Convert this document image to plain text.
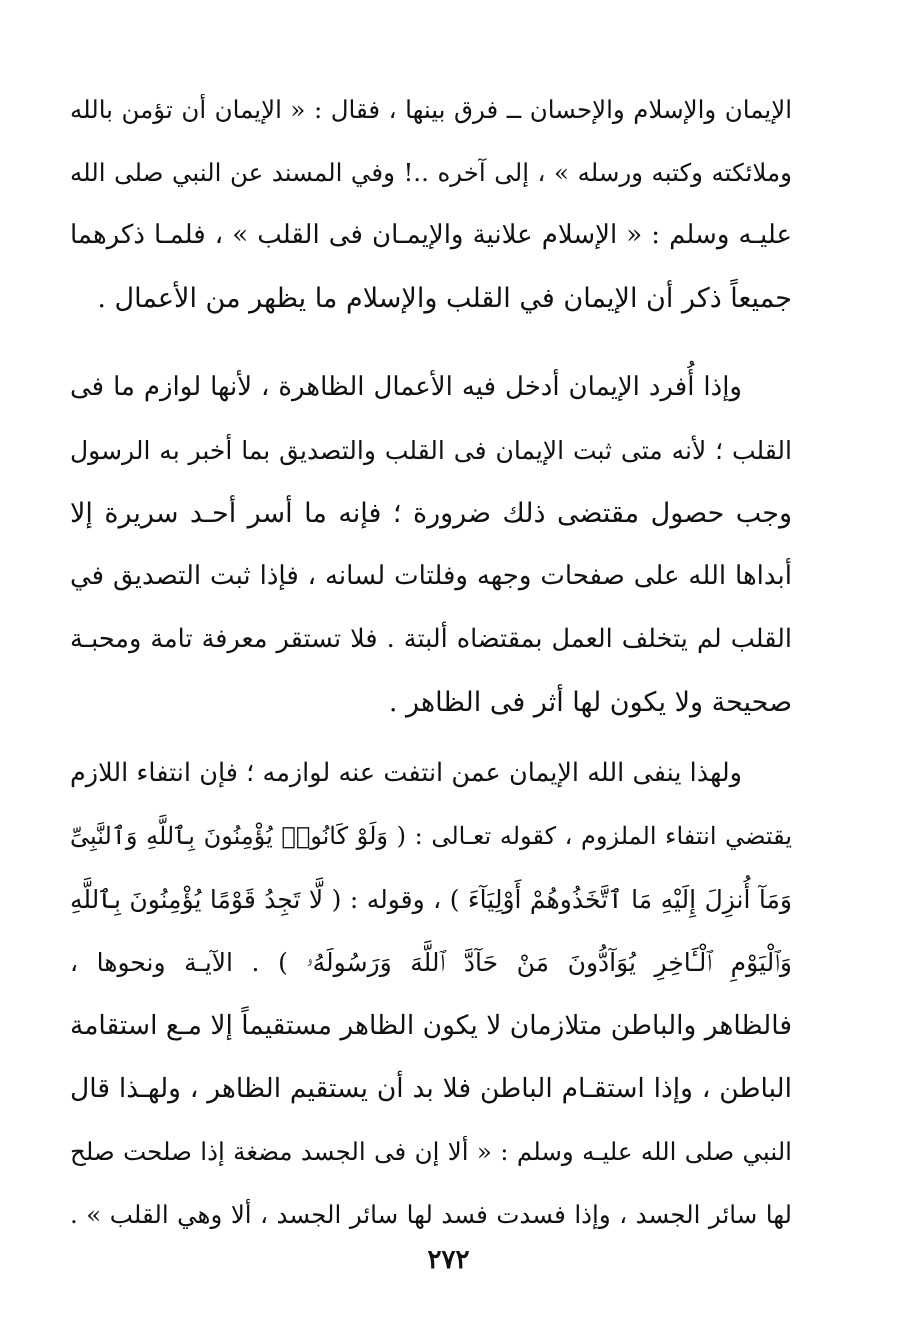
الإيمان والإسلام والإحسان ــ فرق بينها ، فقال : « الإيمان أن تؤمن بالله
وملائكته وكتبه ورسله » ، إلى آخره ..! وفي المسند عن النبي صلى الله
عليـه وسلم : « الإسلام علانية والإيمـان فى القلب » ، فلمـا ذكرهما
جميعاً ذكر أن الإيمان في القلب والإسلام ما يظهر من الأعمال .
وإذا أُفرد الإيمان أدخل فيه الأعمال الظاهرة ، لأنها لوازم ما فى
القلب ؛ لأنه متى ثبت الإيمان فى القلب والتصديق بما أخبر به الرسول
وجب حصول مقتضى ذلك ضرورة ؛ فإنه ما أسر أحـد سريرة إلا
أبداها الله على صفحات وجهه وفلتات لسانه ، فإذا ثبت التصديق في
القلب لم يتخلف العمل بمقتضاه ألبتة . فلا تستقر معرفة تامة ومحبـة
صحيحة ولا يكون لها أثر فى الظاهر .
ولهذا ينفى الله الإيمان عمن انتفت عنه لوازمه ؛ فإن انتفاء اللازم
يقتضي انتفاء الملزوم ، كقوله تعـالى : ( وَلَوْ كَانُوا۟ يُؤْمِنُونَ بِٱللَّهِ وَٱلنَّبِىِّ
وَمَآ أُنزِلَ إِلَيْهِ مَا ٱتَّخَذُوهُمْ أَوْلِيَآءَ ) ، وقوله : ( لَّا تَجِدُ قَوْمًا يُؤْمِنُونَ بِٱللَّهِ
وَٱلْيَوْمِ ٱلْـَٔاخِرِ يُوَآدُّونَ مَنْ حَآدَّ ٱللَّهَ وَرَسُولَهُۥ ) . الآيـة ونحوها ،
فالظاهر والباطن متلازمان لا يكون الظاهر مستقيماً إلا مـع استقامة
الباطن ، وإذا استقـام الباطن فلا بد أن يستقيم الظاهر ، ولهـذا قال
النبي صلى الله عليـه وسلم : « ألا إن فى الجسد مضغة إذا صلحت صلح
لها سائر الجسد ، وإذا فسدت فسد لها سائر الجسد ، ألا وهي القلب » .
٢٧٢
